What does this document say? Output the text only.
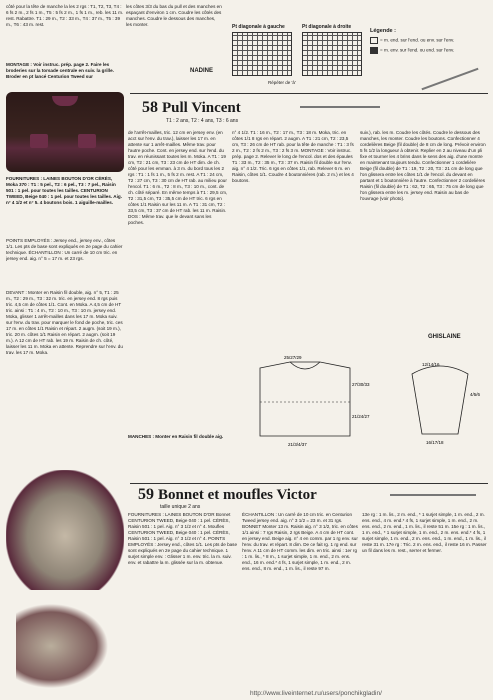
côté pour la tête de manche la les 2 rgs : T1, T2, T3, T4 : 6 fs 2 m., 2 fs 1 m., T5 : 5 fs 2 m., 1 fs 1 m., reb. les 11 m. rest. Rabattre. T1 : 29 m., T2 : 33 m., T4 : 37 m., T5 : 39 m., T6 : 43 m. rest.

MONTAGE : Voir instruc. prép. page 2. Faire les broderies sur la torsade centrale en suiv. la grille. Broder en pt lancé Centurion Tweed sur

les côtes 3/3 du bas du pull et des manches en espaçant d'environ 1 cm. Coudre les côtés des manches. Coudre le dessous des manches, les monter.

NADINE
Pt diagonale à gauche	Pt diagonale à droite
Répéter de 'à'
Légende :
= m. end. sur l'end. ou env. sur l'env.
= m. env. sur l'end. ou end. sur l'env.
58 Pull Vincent
T1 : 2 ans, T2 : 4 ans, T3 : 6 ans

FOURNITURES : LAINES BOUTON D'OR CÉRÈS, Moka 370 : T1 : 5 pel., T2 : 6 pel., T3 : 7 pel., Raisin 501 : 1 pel. pour toutes les tailles. CENTURION TWEED, Beige 040 : 1 pel. pour toutes les tailles. Aig. n° 4 1/2 et n° 5. 4 boutons bois. 1 aiguille-mailles.

POINTS EMPLOYÉS : Jersey end., jersey env., côtes 1/1. Les pts de base sont expliqués en 2e page du cahier technique. ÉCHANTILLON : Un carré de 10 cm tric. en jersey end. aig. n° 5 = 17 m. et 23 rgs.

DEVANT : Monter en Raisin fil double, aig. n° 5, T1 : 25 m., T2 : 29 m., T3 : 32 m. tric. en jersey end. 8 rgs puis tric. 4,5 cm de côtes 1/1. Cont. en Moka. A 4,5 cm de HT tric. ainsi : T1 : 4 m., T2 : 10 m., T3 : 10 m. jersey end. Moka, glisser 1 arrêt-mailles dans les 17 m. Moka suiv. sur l'env. du trav. pour marquer le fond de poche, tric. ces 17 m. en côtes 1/1 Raisin et répart. 2 augm. (soit 19 m.), tric. 20 m. côtes 1/1 Raisin en répart. 2 augm. (soit 19 m.). A 12 cm de HT rab. les 19 m. Raisin de ch. côté, laisser les 11 m. Moka en attente. Reprendre sur l'env. du trav. les 17 m. Moka.

de l'arrêt-mailles, tric. 12 cm en jersey env. (en acct sur l'env. du trav.), laisser les 17 m. en attente sur 1 arrêt-mailles. Même trav. pour l'autre poche. Cont. en jersey end. sur l'end. du trav. en réunissant toutes les m. Moka. A T1 : 19 cm, T2 : 21 cm, T3 : 23 cm de HT dim. de ch. côté pour les emman. à 3 m. du bord tous les 2 rgs : T1 : 1 fs 1 m., 5 fs 2 m. rest. A T1 : 24 cm, T2 : 27 cm, T3 : 30 cm de HT rab. au milieu pour l'encol. T1 : 6 m., T2 : 8 m., T3 : 10 m., cont. de ch. côté séparé. En même temps à T1 : 29,5 cm, T2 : 31,5 cm, T3 : 35,5 cm de HT tric. 6 rgs en côtes 1/1 Raisin sur les 11 m. A T1 : 31 cm, T2 : 33,5 cm, T3 : 37 cm de HT rab. les 11 m. Raisin. DOS : Même trav. que le devant sans les poches.

MANCHES : Monter en Raisin fil double aig.

n° 4 1/2. T1 : 16 m., T2 : 17 m., T3 : 18 m. Moka, tric. en côtes 1/1 8 rgs en répart. 2 augm. A T1 : 21 cm, T2 : 23,5 cm, T3 : 26 cm de HT rab. pour la tête de manche : T1 : 3 fs 2 m., T2 : 2 fs 2 m., T3 : 2 fs 3 m. MONTAGE : Voir instruc. prép. page 2. Relever le long de l'encol. dos et des épaules T1 : 33 m., T2 : 35 m., T3 : 37 m. Raisin fil double sur l'env. aig. n° 4 1/2. Tric. 6 rgs en côtes 1/1, rab. Relever 6 m. en Raisin, côtes 1/1. Coudre 4 boutonnières (rab. 2 m.) et les 4 boutons.

suiv.), rab. les m. Coudre les côtés. Coudre le dessous des manches, les monter. Coudre les boutons. Confectionner 4 cordelières Beige (fil double) de 8 cm de long. Prévoir environ 5 fs 1/2 la longueur à obtenir. Replier en 2 au niveau d'un pli fixe et tourner les 4 brins dans le sens des aig. d'une montre en maintenant toujours tendu. Confectionner 1 cordelière Beige (fil double) de T1 : 19, T2 : 20, T3 : 21 cm de long que l'on glissera entre les côtes 1/1 de l'encol. du devant en partant et 1 boutonnière à l'autre. Confectionner 2 cordelières Raisin (fil double) de T1 : 62, T2 : 65, T3 : 75 cm de long que l'on glissera entre les m. jersey end. Raisin au bas de l'ouvrage (voir photo).

GHISLAINE
25/27/29
27/30/33
21/24/27
21/3/4/37
12/14/16
4/5/6
16/17/18
59 Bonnet et moufles Victor
taille unique 2 ans

FOURNITURES : LAINES BOUTON D'OR Bonnet CENTURION TWEED, Beige 040 : 1 pel. CÉRÈS, Raisin 501 : 1 pel. Aig. n° 3 1/2 et n° 4. Moufles CENTURION TWEED, Beige 040 : 1 pel. CÉRÈS, Raisin 501 : 1 pel. Aig. n° 3 1/2 et n° 4. POINTS EMPLOYÉS : Jersey end., côtes 1/1. Les pts de base sont expliqués en 2e page du cahier technique. 1 surjet simple env. : Glisser 1 m. env. tric. la m. suiv. env. et rabattre la m. glissée sur la m. obtenue.

ÉCHANTILLON : Un carré de 10 cm tric. en Centurion Tweed jersey end. aig. n° 3 1/2 = 23 m. et 31 rgs. BONNET Monter 13 m. Raisin aig. n° 3 1/2, tric. en côtes 1/1 ainsi : 7 rgs Raisin, 2 rgs Beige. A 4 cm de HT cont. en jersey end. Beige aig. n° 4 en comm. par 1 rg env. sur l'env. du trav. et répart. 8 dim. De ce fait rg. 1 rg end. sur l'env. A 11 cm de HT comm. les dim. en tric. ainsi : 1er rg : 1 m. lis., * 8 m., 1 surjet simple, 1 m. end., 2 m. ens. end., 16 m. end.* 4 fs, 1 surjet simple, 1 m. end., 2 m. ens. end., 8 m. end., 1 m. lis., il reste 97 m.

13e rg : 1 m. lis., 2 m. end., * 1 surjet simple, 1 m. end., 2 m. ens. end., 4 m. end.* 4 fs, 1 surjet simple, 1 m. end., 2 m. ens. end., 2 m. end., 1 m. lis., il reste 51 m. 15e rg : 1 m. lis., 1 m. end., * 1 surjet simple, 1 m. end., 2 m. ens. end.* 4 fs, 1 surjet simple, 1 m. end., 2 m. ens. end., 1 m. end., 1 m. lis., il reste 31 m. 17e rg : Tric. 2 m. ens. end., il reste 16 m. Passer un fil dans les m. rest., serrer et fermer.

http://www.liveinternet.ru/users/ponchikgladin/
